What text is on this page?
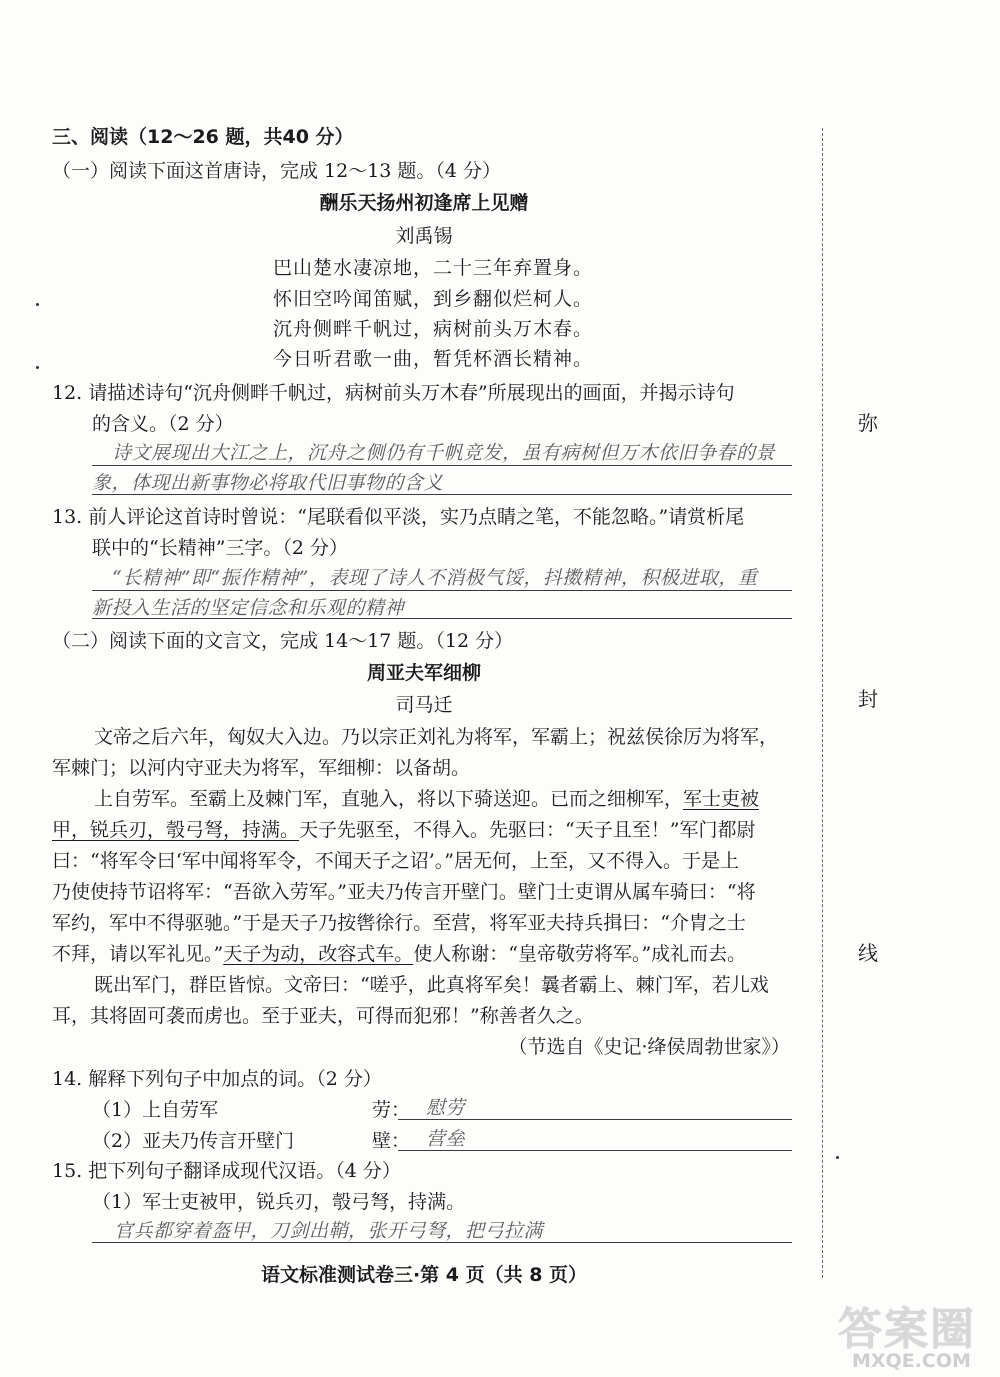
三、阅读（12～26 题，共40 分）
（一）阅读下面这首唐诗，完成 12～13 题。（4 分）
酬乐天扬州初逢席上见赠
刘禹锡
巴山楚水凄凉地，二十三年弃置身。
怀旧空吟闻笛赋，到乡翻似烂柯人。
沉舟侧畔千帆过，病树前头万木春。
今日听君歌一曲，暂凭杯酒长精神。
12. 请描述诗句“沉舟侧畔千帆过，病树前头万木春”所展现出的画面，并揭示诗句
的含义。（2 分）
诗文展现出大江之上，沉舟之侧仍有千帆竞发，虽有病树但万木依旧争春的景
象，体现出新事物必将取代旧事物的含义
13. 前人评论这首诗时曾说：“尾联看似平淡，实乃点睛之笔，不能忽略。”请赏析尾
联中的“长精神”三字。（2 分）
“长精神”即“振作精神”，表现了诗人不消极气馁，抖擞精神，积极进取，重
新投入生活的坚定信念和乐观的精神
（二）阅读下面的文言文，完成 14～17 题。（12 分）
周亚夫军细柳
司马迁
文帝之后六年，匈奴大入边。乃以宗正刘礼为将军，军霸上；祝兹侯徐厉为将军，
军棘门；以河内守亚夫为将军，军细柳：以备胡。
上自劳军。至霸上及棘门军，直驰入，将以下骑送迎。已而之细柳军，军士吏被
甲，锐兵刃，彀弓弩，持满。天子先驱至，不得入。先驱曰：“天子且至！”军门都尉
曰：“将军令曰‘军中闻将军令，不闻天子之诏’。”居无何，上至，又不得入。于是上
乃使使持节诏将军：“吾欲入劳军。”亚夫乃传言开壁门。壁门士吏谓从属车骑曰：“将
军约，军中不得驱驰。”于是天子乃按辔徐行。至营，将军亚夫持兵揖曰：“介胄之士
不拜，请以军礼见。”天子为动，改容式车。使人称谢：“皇帝敬劳将军。”成礼而去。
既出军门，群臣皆惊。文帝曰：“嗟乎，此真将军矣！曩者霸上、棘门军，若儿戏
耳，其将固可袭而虏也。至于亚夫，可得而犯邪！”称善者久之。
（节选自《史记·绛侯周勃世家》）
14. 解释下列句子中加点的词。（2 分）
（1）上自劳军	劳： 慰劳
（2）亚夫乃传言开壁门	壁： 营垒
15. 把下列句子翻译成现代汉语。（4 分）
（1）军士吏被甲，锐兵刃，彀弓弩，持满。
官兵都穿着盔甲，刀剑出鞘，张开弓弩，把弓拉满
语文标准测试卷三·第 4 页（共 8 页）
弥
封
线
答案圈
MXQE.COM
